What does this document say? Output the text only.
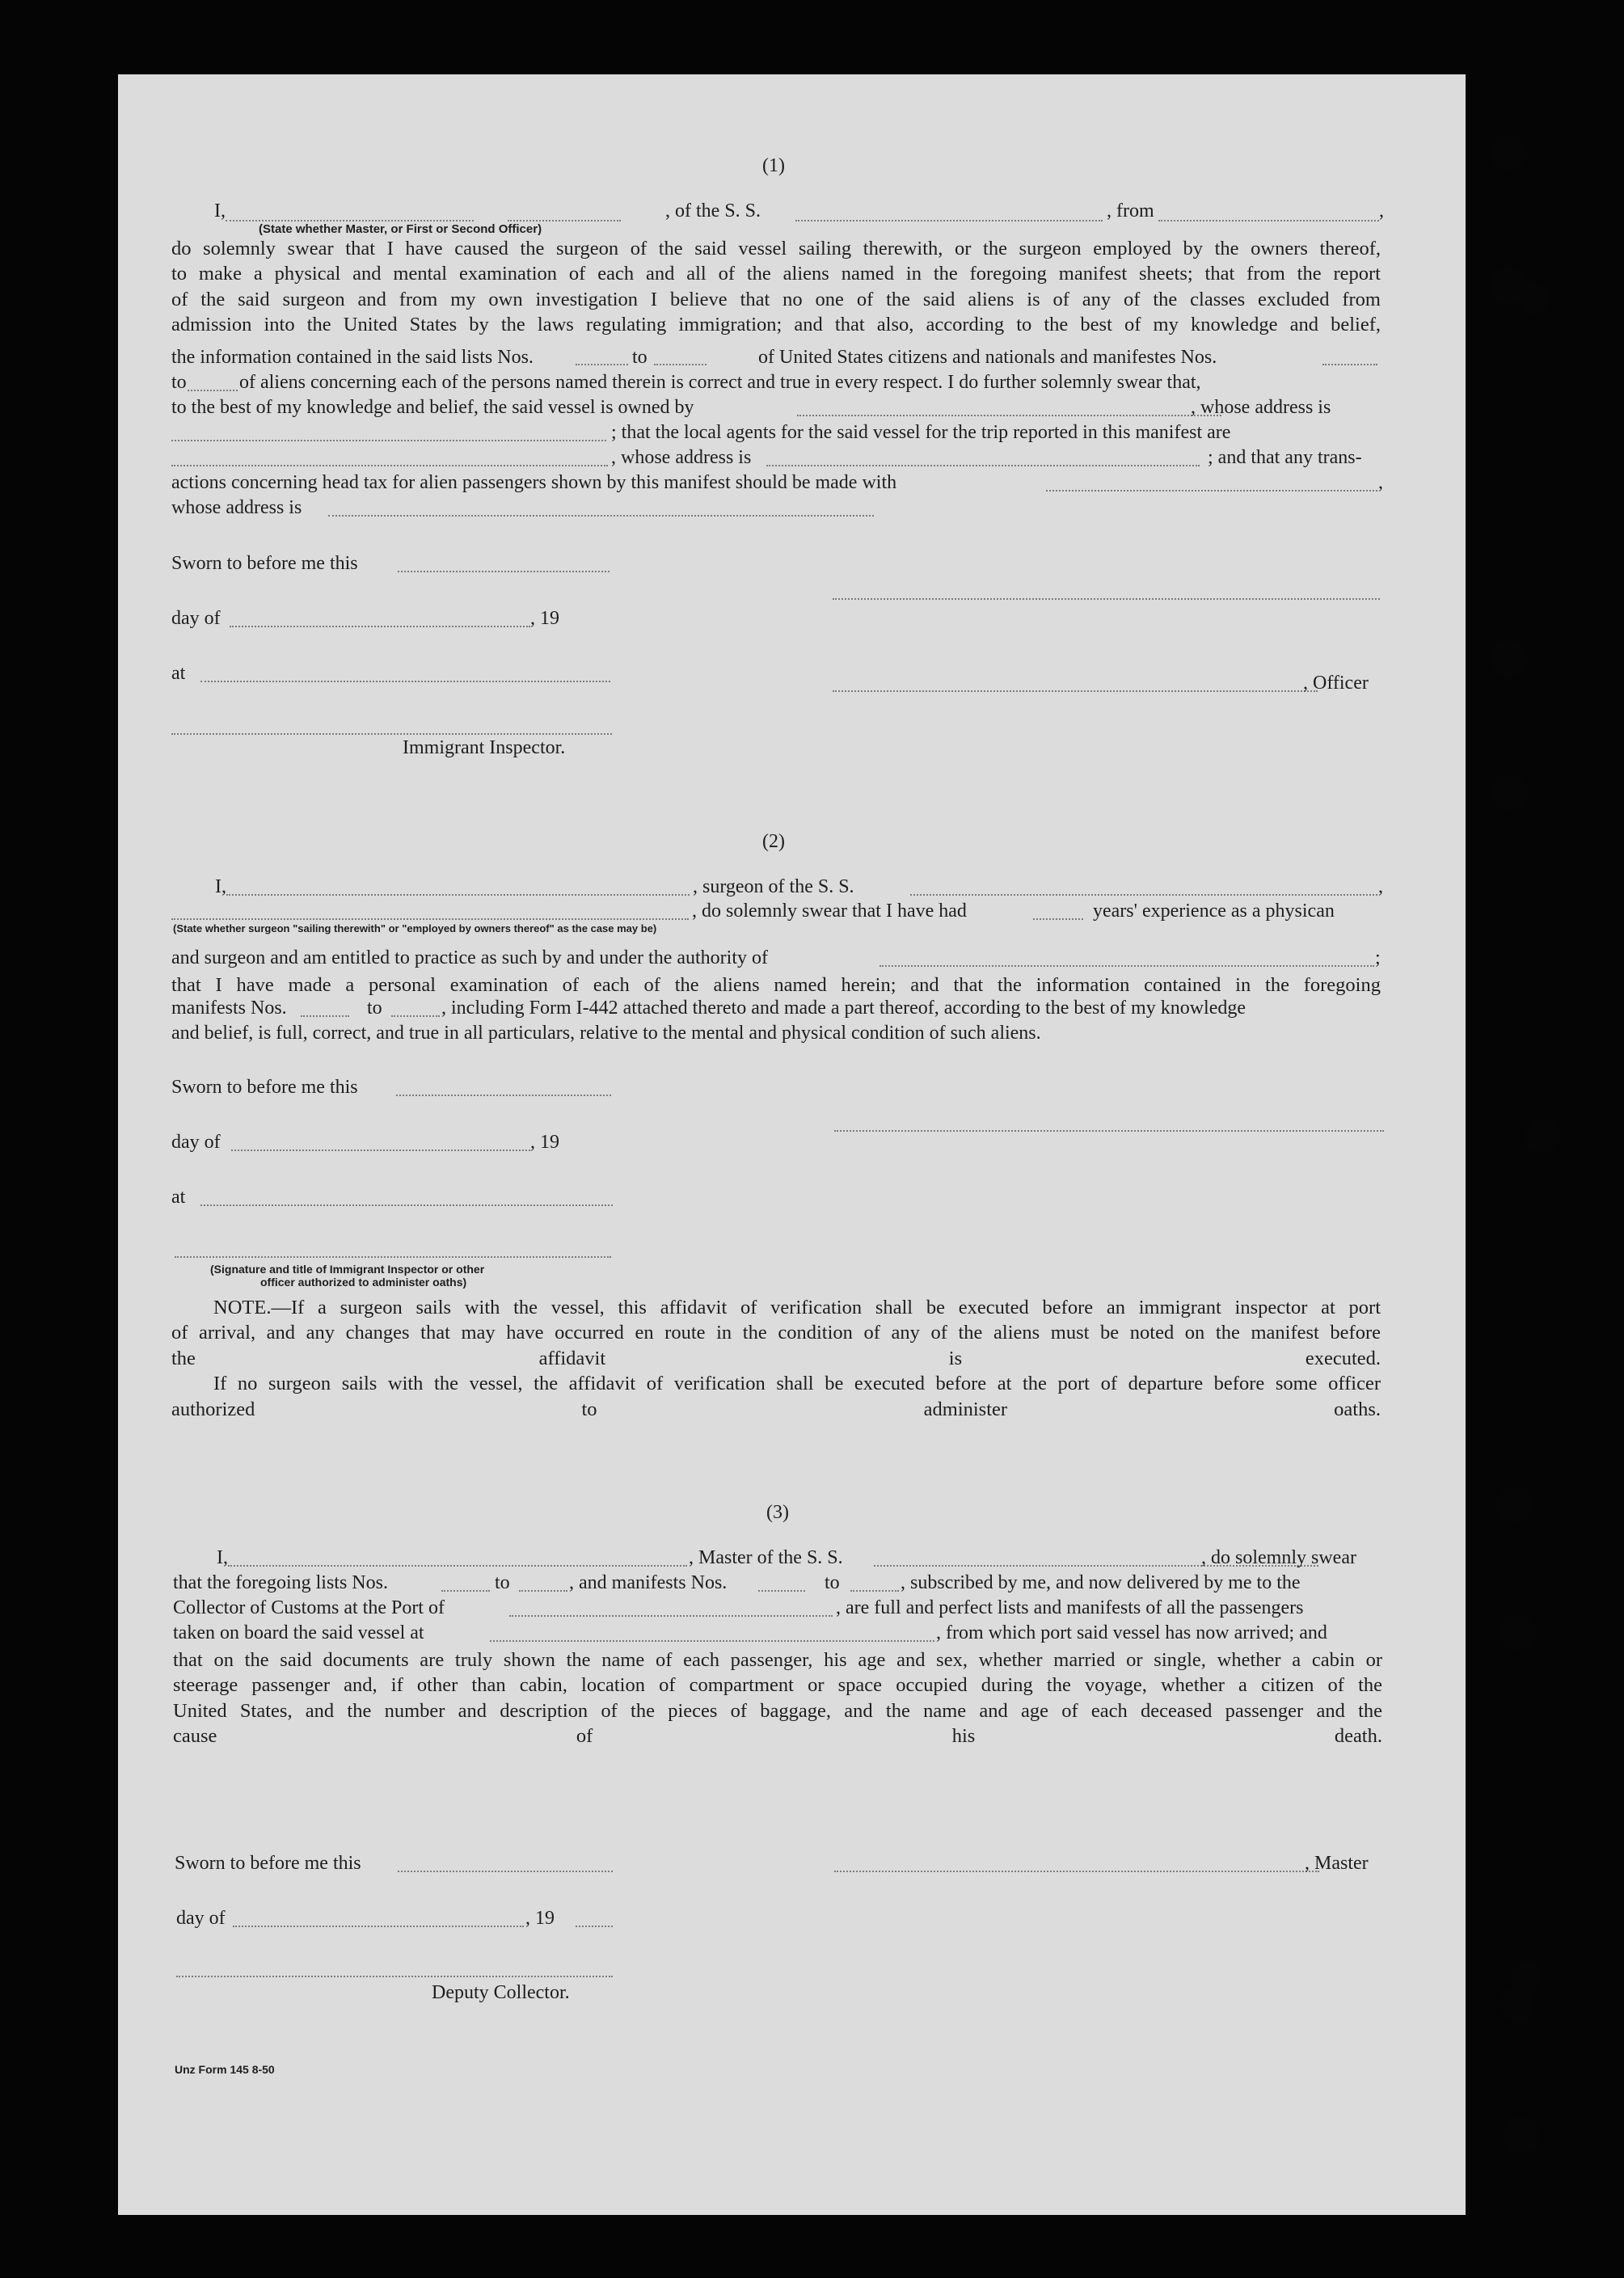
(1)
I,	, of the S. S.	, from	,
(State whether Master, or First or Second Officer)
do solemnly swear that I have caused the surgeon of the said vessel sailing therewith, or the surgeon employed by the owners thereof,
to make a physical and mental examination of each and all of the aliens named in the foregoing manifest sheets; that from the report
of the said surgeon and from my own investigation I believe that no one of the said aliens is of any of the classes excluded from
admission into the United States by the laws regulating immigration; and that also, according to the best of my knowledge and belief,
the information contained in the said lists Nos.	to	of United States citizens and nationals and manifestes Nos.
to	of aliens concerning each of the persons named therein is correct and true in every respect. I do further solemnly swear that,
to the best of my knowledge and belief, the said vessel is owned by	, whose address is
; that the local agents for the said vessel for the trip reported in this manifest are
, whose address is	; and that any trans-
actions concerning head tax for alien passengers shown by this manifest should be made with	,
whose address is
Sworn to before me this
day of	, 19
at	, Officer
Immigrant Inspector.
(2)
I,	, surgeon of the S. S.	,
, do solemnly swear that I have had	years' experience as a physican
(State whether surgeon "sailing therewith" or "employed by owners thereof" as the case may be)
and surgeon and am entitled to practice as such by and under the authority of	;
that I have made a personal examination of each of the aliens named herein; and that the information contained in the foregoing
manifests Nos.	to	, including Form I-442 attached thereto and made a part thereof, according to the best of my knowledge
and belief, is full, correct, and true in all particulars, relative to the mental and physical condition of such aliens.
Sworn to before me this
day of	, 19
at
(Signature and title of Immigrant Inspector or other
officer authorized to administer oaths)
NOTE.—If a surgeon sails with the vessel, this affidavit of verification shall be executed before an immigrant inspector at port
of arrival, and any changes that may have occurred en route in the condition of any of the aliens must be noted on the manifest before
the affidavit is executed.
If no surgeon sails with the vessel, the affidavit of verification shall be executed before at the port of departure before some officer
authorized to administer oaths.
(3)
I,	, Master of the S. S.	, do solemnly swear
that the foregoing lists Nos.	to	, and manifests Nos.	to	, subscribed by me, and now delivered by me to the
Collector of Customs at the Port of	, are full and perfect lists and manifests of all the passengers
taken on board the said vessel at	, from which port said vessel has now arrived; and
that on the said documents are truly shown the name of each passenger, his age and sex, whether married or single, whether a cabin or
steerage passenger and, if other than cabin, location of compartment or space occupied during the voyage, whether a citizen of the
United States, and the number and description of the pieces of baggage, and the name and age of each deceased passenger and the
cause of his death.
Sworn to before me this	, Master
day of	, 19
Deputy Collector.
Unz Form 145 8-50
